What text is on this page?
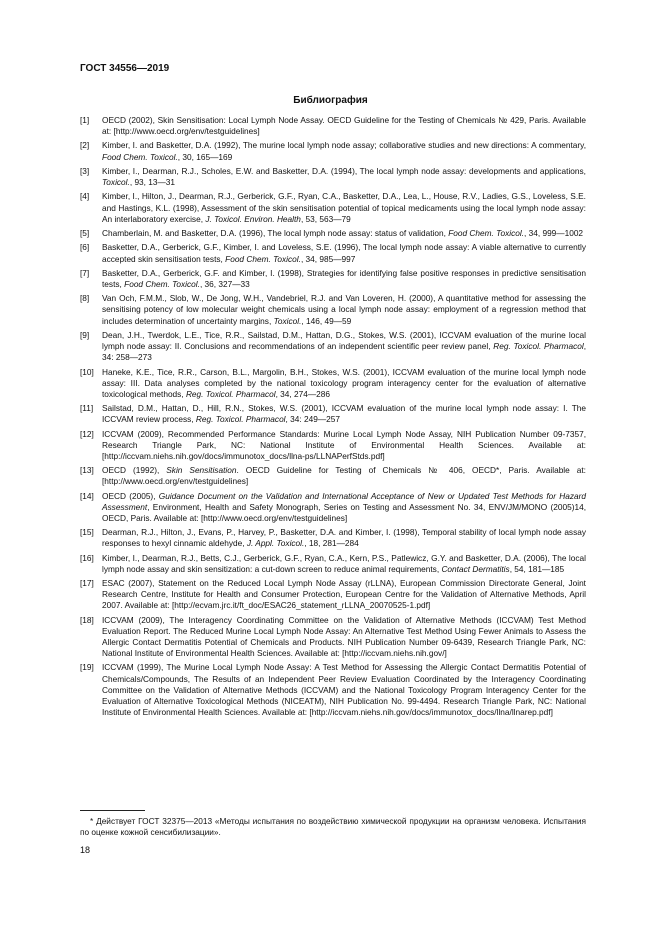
ГОСТ 34556—2019
Библиография
[1] OECD (2002), Skin Sensitisation: Local Lymph Node Assay. OECD Guideline for the Testing of Chemicals № 429, Paris. Available at: [http://www.oecd.org/env/testguidelines]
[2] Kimber, I. and Basketter, D.A. (1992), The murine local lymph node assay; collaborative studies and new directions: A commentary, Food Chem. Toxicol., 30, 165—169
[3] Kimber, I., Dearman, R.J., Scholes, E.W. and Basketter, D.A. (1994), The local lymph node assay: developments and applications, Toxicol., 93, 13—31
[4] Kimber, I., Hilton, J., Dearman, R.J., Gerberick, G.F., Ryan, C.A., Basketter, D.A., Lea, L., House, R.V., Ladies, G.S., Loveless, S.E. and Hastings, K.L. (1998), Assessment of the skin sensitisation potential of topical medicaments using the local lymph node assay: An interlaboratory exercise, J. Toxicol. Environ. Health, 53, 563—79
[5] Chamberlain, M. and Basketter, D.A. (1996), The local lymph node assay: status of validation, Food Chem. Toxicol., 34, 999—1002
[6] Basketter, D.A., Gerberick, G.F., Kimber, I. and Loveless, S.E. (1996), The local lymph node assay: A viable alternative to currently accepted skin sensitisation tests, Food Chem. Toxicol., 34, 985—997
[7] Basketter, D.A., Gerberick, G.F. and Kimber, I. (1998), Strategies for identifying false positive responses in predictive sensitisation tests, Food Chem. Toxicol., 36, 327—33
[8] Van Och, F.M.M., Slob, W., De Jong, W.H., Vandebriel, R.J. and Van Loveren, H. (2000), A quantitative method for assessing the sensitising potency of low molecular weight chemicals using a local lymph node assay: employment of a regression method that includes determination of uncertainty margins, Toxicol., 146, 49—59
[9] Dean, J.H., Twerdok, L.E., Tice, R.R., Sailstad, D.M., Hattan, D.G., Stokes, W.S. (2001), ICCVAM evaluation of the murine local lymph node assay: II. Conclusions and recommendations of an independent scientific peer review panel, Reg. Toxicol. Pharmacol, 34: 258—273
[10] Haneke, K.E., Tice, R.R., Carson, B.L., Margolin, B.H., Stokes, W.S. (2001), ICCVAM evaluation of the murine local lymph node assay: III. Data analyses completed by the national toxicology program interagency center for the evaluation of alternative toxicological methods, Reg. Toxicol. Pharmacol, 34, 274—286
[11] Sailstad, D.M., Hattan, D., Hill, R.N., Stokes, W.S. (2001), ICCVAM evaluation of the murine local lymph node assay: I. The ICCVAM review process, Reg. Toxicol. Pharmacol, 34: 249—257
[12] ICCVAM (2009), Recommended Performance Standards: Murine Local Lymph Node Assay, NIH Publication Number 09-7357, Research Triangle Park, NC: National Institute of Environmental Health Sciences. Available at: [http://iccvam.niehs.nih.gov/docs/immunotox_docs/llna-ps/LLNAPerfStds.pdf]
[13] OECD (1992), Skin Sensitisation. OECD Guideline for Testing of Chemicals № 406, OECD*, Paris. Available at: [http://www.oecd.org/env/testguidelines]
[14] OECD (2005), Guidance Document on the Validation and International Acceptance of New or Updated Test Methods for Hazard Assessment, Environment, Health and Safety Monograph, Series on Testing and Assessment No. 34, ENV/JM/MONO (2005)14, OECD, Paris. Available at: [http://www.oecd.org/env/testguidelines]
[15] Dearman, R.J., Hilton, J., Evans, P., Harvey, P., Basketter, D.A. and Kimber, I. (1998), Temporal stability of local lymph node assay responses to hexyl cinnamic aldehyde, J. Appl. Toxicol., 18, 281—284
[16] Kimber, I., Dearman, R.J., Betts, C.J., Gerberick, G.F., Ryan, C.A., Kern, P.S., Patlewicz, G.Y. and Basketter, D.A. (2006), The local lymph node assay and skin sensitization: a cut-down screen to reduce animal requirements, Contact Dermatitis, 54, 181—185
[17] ESAC (2007), Statement on the Reduced Local Lymph Node Assay (rLLNA), European Commission Directorate General, Joint Research Centre, Institute for Health and Consumer Protection, European Centre for the Validation of Alternative Methods, April 2007. Available at: [http://ecvam.jrc.it/ft_doc/ESAC26_statement_rLLNA_20070525-1.pdf]
[18] ICCVAM (2009), The Interagency Coordinating Committee on the Validation of Alternative Methods (ICCVAM) Test Method Evaluation Report. The Reduced Murine Local Lymph Node Assay: An Alternative Test Method Using Fewer Animals to Assess the Allergic Contact Dermatitis Potential of Chemicals and Products. NIH Publication Number 09-6439, Research Triangle Park, NC: National Institute of Environmental Health Sciences. Available at: [http://iccvam.niehs.nih.gov/]
[19] ICCVAM (1999), The Murine Local Lymph Node Assay: A Test Method for Assessing the Allergic Contact Dermatitis Potential of Chemicals/Compounds, The Results of an Independent Peer Review Evaluation Coordinated by the Interagency Coordinating Committee on the Validation of Alternative Methods (ICCVAM) and the National Toxicology Program Interagency Center for the Evaluation of Alternative Toxicological Methods (NICEATM), NIH Publication No. 99-4494. Research Triangle Park, NC: National Institute of Environmental Health Sciences. Available at: [http://iccvam.niehs.nih.gov/docs/immunotox_docs/llna/llnarep.pdf]
* Действует ГОСТ 32375—2013 «Методы испытания по воздействию химической продукции на организм человека. Испытания по оценке кожной сенсибилизации».
18
